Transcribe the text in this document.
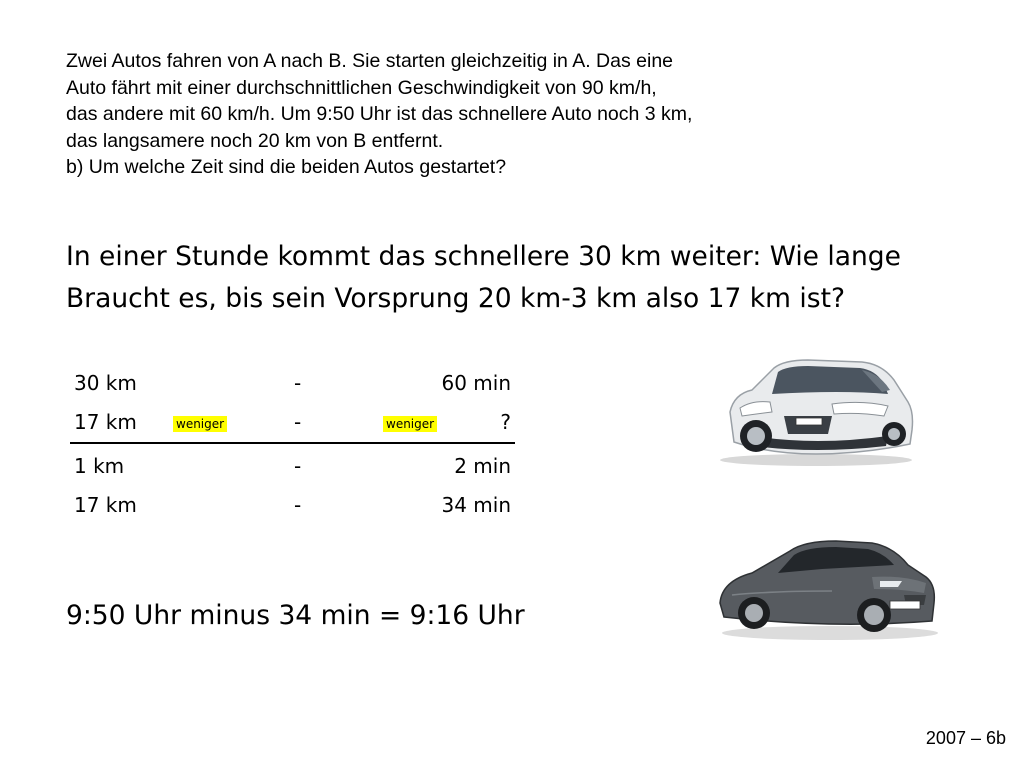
Zwei Autos fahren von A nach B. Sie starten gleichzeitig in A. Das eine
Auto fährt mit einer durchschnittlichen Geschwindigkeit von 90 km/h,
das andere mit 60 km/h. Um 9:50 Uhr ist das schnellere Auto noch 3 km,
das langsamere noch 20 km von B entfernt.
b) Um welche Zeit sind die beiden Autos gestartet?
In einer Stunde kommt das schnellere 30 km weiter: Wie lange
Braucht es, bis sein Vorsprung 20 km-3 km also 17 km ist?
30 km	-	60 min
17 km	weniger	-	weniger	?
1 km	-	2 min
17 km	-	34 min
9:50 Uhr minus 34 min = 9:16 Uhr
2007 – 6b
